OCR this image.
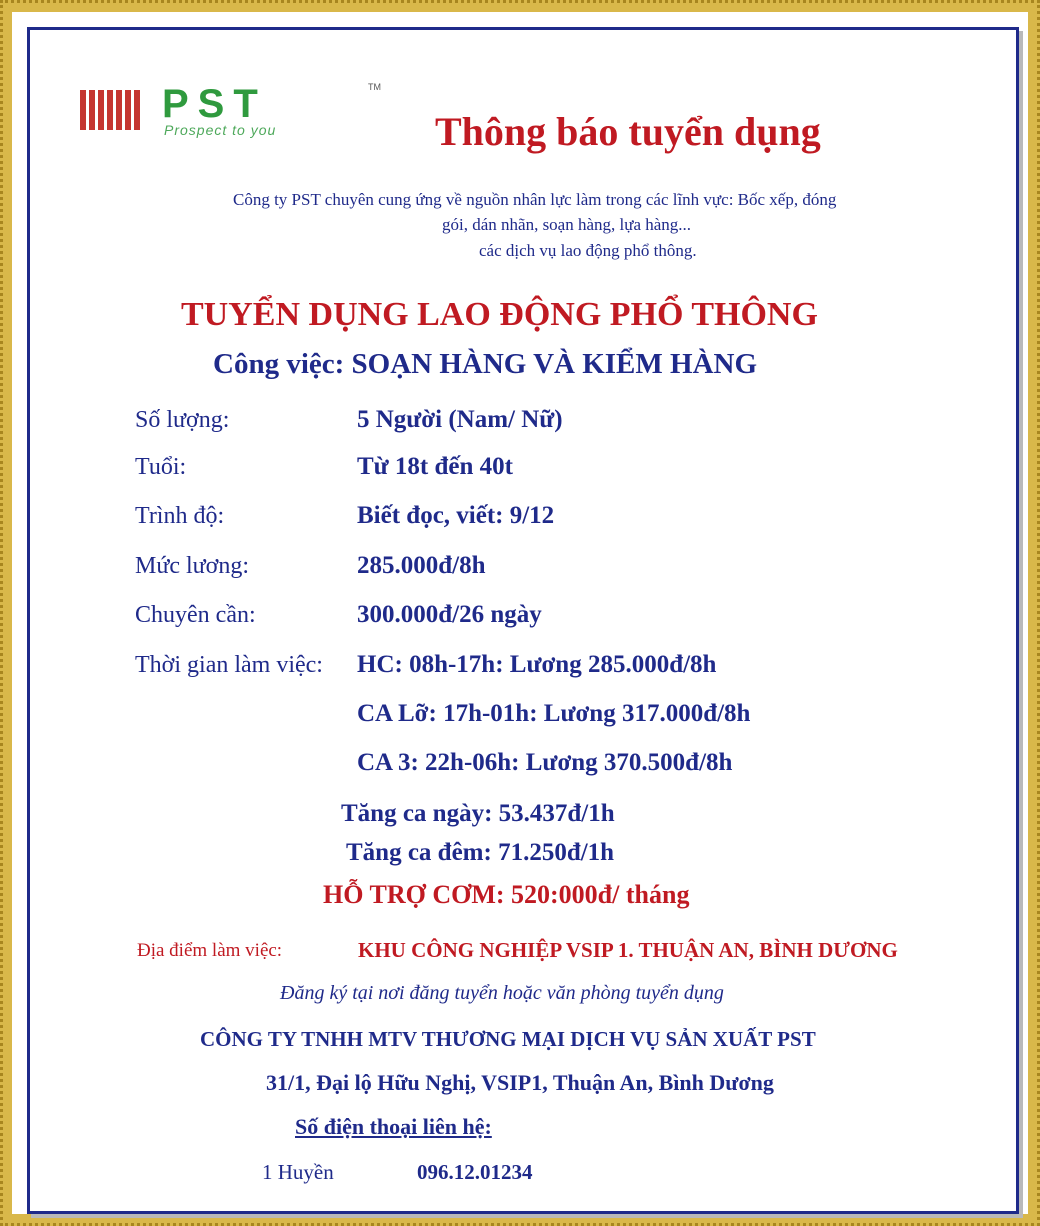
PST	TM
Prospect to you	Thông báo tuyển dụng
Công ty PST chuyên cung ứng về nguồn nhân lực làm trong các lĩnh vực: Bốc xếp, đóng
gói, dán nhãn, soạn hàng, lựa hàng...
các dịch vụ lao động phổ thông.
TUYỂN DỤNG LAO ĐỘNG PHỔ THÔNG
Công việc: SOẠN HÀNG VÀ KIỂM HÀNG
Số lượng:	5 Người (Nam/ Nữ)
Tuổi:	Từ 18t đến 40t
Trình độ:	Biết đọc, viết: 9/12
Mức lương:	285.000đ/8h
Chuyên cần:	300.000đ/26 ngày
Thời gian làm việc: HC: 08h-17h: Lương 285.000đ/8h
CA Lỡ: 17h-01h: Lương 317.000đ/8h
CA 3: 22h-06h: Lương 370.500đ/8h
Tăng ca ngày: 53.437đ/1h
Tăng ca đêm: 71.250đ/1h
HỖ TRỢ CƠM: 520:000đ/ tháng
Địa điểm làm việc:	KHU CÔNG NGHIỆP VSIP 1. THUẬN AN, BÌNH DƯƠNG
Đăng ký tại nơi đăng tuyển hoặc văn phòng tuyển dụng
CÔNG TY TNHH MTV THƯƠNG MẠI DỊCH VỤ SẢN XUẤT PST
31/1, Đại lộ Hữu Nghị, VSIP1, Thuận An, Bình Dương
Số điện thoại liên hệ:
1 Huyền	096.12.01234
